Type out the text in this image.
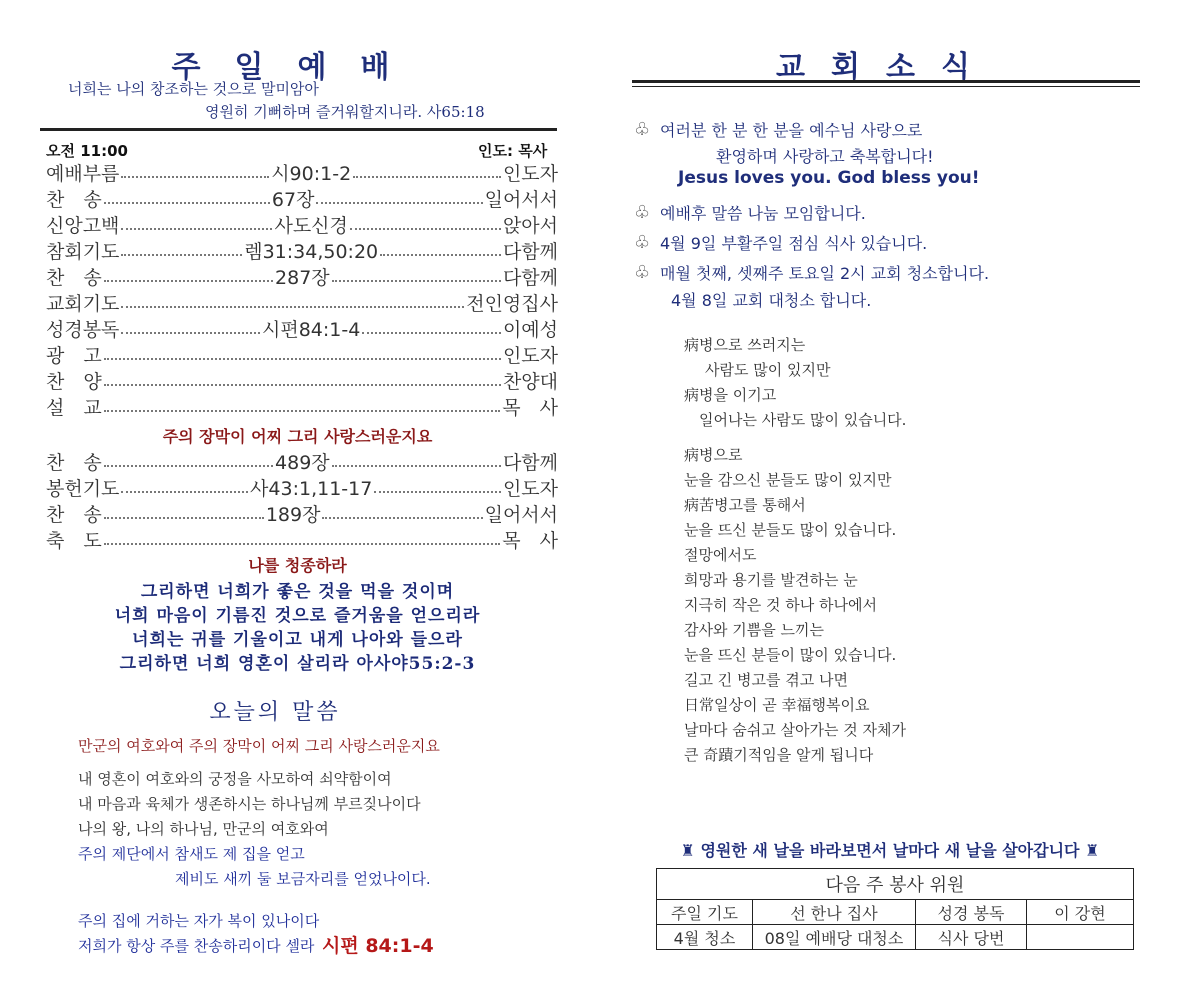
주일예배
너희는 나의 창조하는 것으로 말미암아
영원히 기뻐하며 즐거워할지니라. 사65:18
오전 11:00	인도: 목사
예배부름	시90:1-2	인도자
찬　송	67장	일어서서
신앙고백	사도신경	앉아서
참회기도	렘31:34,50:20	다함께
찬　송	287장	다함께
교회기도	전인영집사
성경봉독	시편84:1-4	이예성
광　고	인도자
찬　양	찬양대
설　교	목　사
주의 장막이 어찌 그리 사랑스러운지요
찬　송	489장	다함께
봉헌기도	사43:1,11-17	인도자
찬　송	189장	일어서서
축　도	목　사
나를 청종하라
그리하면 너희가 좋은 것을 먹을 것이며
너희 마음이 기름진 것으로 즐거움을 얻으리라
너희는 귀를 기울이고 내게 나아와 들으라
그리하면 너희 영혼이 살리라 아사야55:2-3
오늘의 말씀
만군의 여호와여 주의 장막이 어찌 그리 사랑스러운지요
내 영혼이 여호와의 궁정을 사모하여 쇠약함이여
내 마음과 육체가 생존하시는 하나님께 부르짖나이다
나의 왕, 나의 하나님, 만군의 여호와여
주의 제단에서 참새도 제 집을 얻고
제비도 새끼 둘 보금자리를 얻었나이다.
주의 집에 거하는 자가 복이 있나이다
저희가 항상 주를 찬송하리이다 셀라 시편 84:1-4
교회소식
♧ 여러분 한 분 한 분을 예수님 사랑으로
환영하며 사랑하고 축복합니다!
Jesus loves you. God bless you!
♧ 예배후 말씀 나눔 모임합니다.
♧ 4월 9일 부활주일 점심 식사 있습니다.
♧ 매월 첫째, 셋째주 토요일 2시 교회 청소합니다.
4월 8일 교회 대청소 합니다.
病병으로 쓰러지는
사람도 많이 있지만
病병을 이기고
일어나는 사람도 많이 있습니다.
病병으로
눈을 감으신 분들도 많이 있지만
病苦병고를 통해서
눈을 뜨신 분들도 많이 있습니다.
절망에서도
희망과 용기를 발견하는 눈
지극히 작은 것 하나 하나에서
감사와 기쁨을 느끼는
눈을 뜨신 분들이 많이 있습니다.
길고 긴 병고를 겪고 나면
日常일상이 곧 幸福행복이요
날마다 숨쉬고 살아가는 것 자체가
큰 奇蹟기적임을 알게 됩니다
♜ 영원한 새 날을 바라보면서 날마다 새 날을 살아갑니다 ♜
다음 주 봉사 위원			
주일 기도	선 한나 집사	성경 봉독	이 강현
4월 청소	08일 예배당 대청소	식사 당번	
